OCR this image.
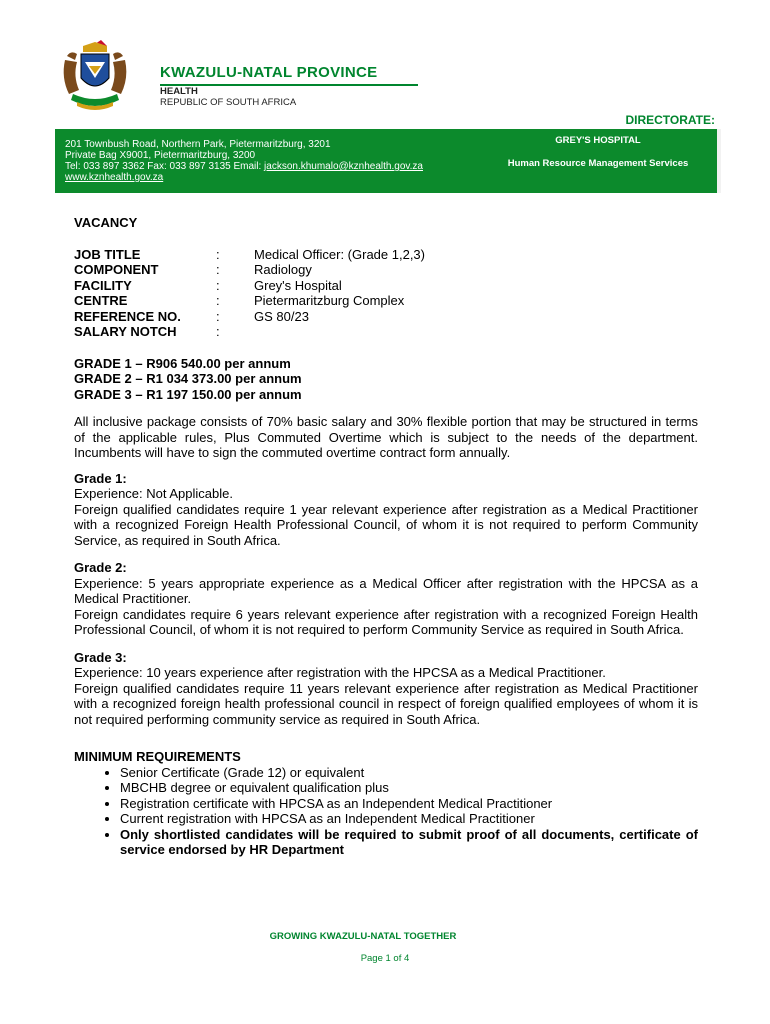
KWAZULU-NATAL PROVINCE
HEALTH
REPUBLIC OF SOUTH AFRICA
DIRECTORATE:
201 Townbush Road, Northern Park, Pietermaritzburg, 3201
Private Bag X9001, Pietermaritzburg, 3200
Tel: 033 897 3362 Fax: 033 897 3135 Email: jackson.khumalo@kznhealth.gov.za
www.kznhealth.gov.za
GREY'S HOSPITAL
Human Resource Management Services
VACANCY
JOB TITLE	:	Medical Officer: (Grade 1,2,3)
COMPONENT	:	Radiology
FACILITY	:	Grey's Hospital
CENTRE	:	Pietermaritzburg Complex
REFERENCE NO.	:	GS 80/23
SALARY NOTCH	:	
GRADE 1 – R906 540.00 per annum
GRADE 2 – R1 034 373.00 per annum
GRADE 3 – R1 197 150.00 per annum

All inclusive package consists of 70% basic salary and 30% flexible portion that may be structured in terms of the applicable rules, Plus Commuted Overtime which is subject to the needs of the department. Incumbents will have to sign the commuted overtime contract form annually.

Grade 1:
Experience: Not Applicable.
Foreign qualified candidates require 1 year relevant experience after registration as a Medical Practitioner with a recognized Foreign Health Professional Council, of whom it is not required to perform Community Service, as required in South Africa.
Grade 2:
Experience: 5 years appropriate experience as a Medical Officer after registration with the HPCSA as a Medical Practitioner.
Foreign candidates require 6 years relevant experience after registration with a recognized Foreign Health Professional Council, of whom it is not required to perform Community Service as required in South Africa.
Grade 3:
Experience: 10 years experience after registration with the HPCSA as a Medical Practitioner.
Foreign qualified candidates require 11 years relevant experience after registration as Medical Practitioner with a recognized foreign health professional council in respect of foreign qualified employees of whom it is not required performing community service as required in South Africa.
MINIMUM REQUIREMENTS
• Senior Certificate (Grade 12) or equivalent
• MBCHB degree or equivalent qualification plus
• Registration certificate with HPCSA as an Independent Medical Practitioner
• Current registration with HPCSA as an Independent Medical Practitioner
• Only shortlisted candidates will be required to submit proof of all documents, certificate of service endorsed by HR Department
GROWING KWAZULU-NATAL TOGETHER
Page 1 of 4
